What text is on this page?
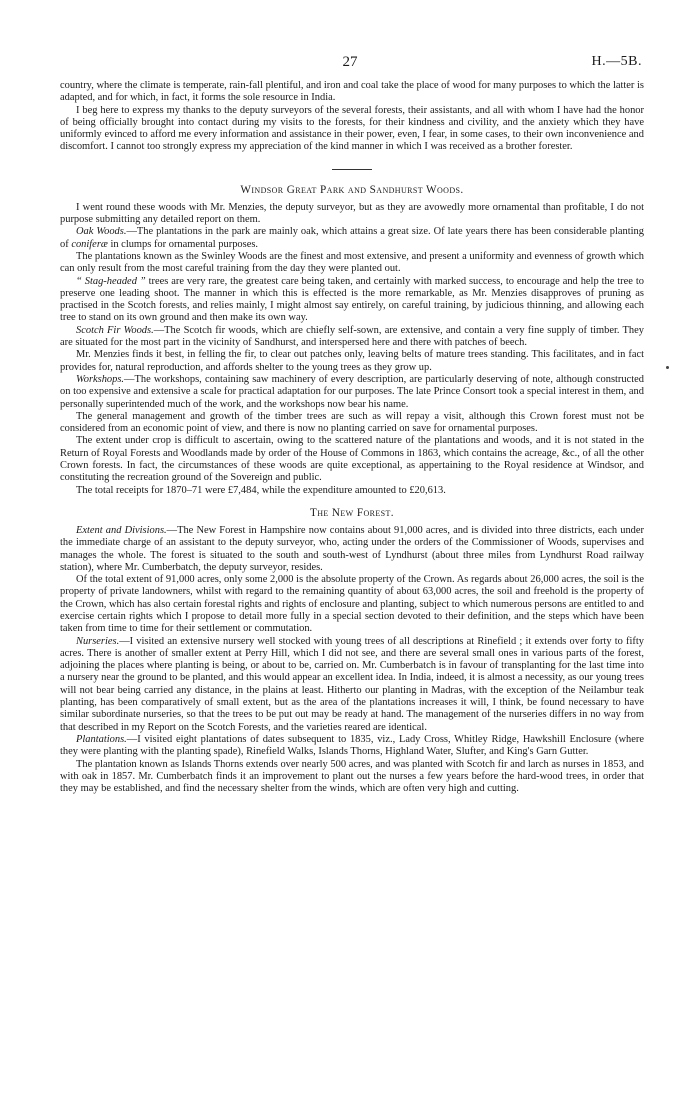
27	H.—5B.

country, where the climate is temperate, rain-fall plentiful, and iron and coal take the place of wood for many purposes to which the latter is adapted, and for which, in fact, it forms the sole resource in India.

I beg here to express my thanks to the deputy surveyors of the several forests, their assistants, and all with whom I have had the honor of being officially brought into contact during my visits to the forests, for their kindness and civility, and the anxiety which they have uniformly evinced to afford me every information and assistance in their power, even, I fear, in some cases, to their own inconvenience and discomfort. I cannot too strongly express my appreciation of the kind manner in which I was received as a brother forester.

Windsor Great Park and Sandhurst Woods.

I went round these woods with Mr. Menzies, the deputy surveyor, but as they are avowedly more ornamental than profitable, I do not purpose submitting any detailed report on them.

Oak Woods.—The plantations in the park are mainly oak, which attains a great size. Of late years there has been considerable planting of coniferæ in clumps for ornamental purposes.

The plantations known as the Swinley Woods are the finest and most extensive, and present a uniformity and evenness of growth which can only result from the most careful training from the day they were planted out.

“ Stag-headed ” trees are very rare, the greatest care being taken, and certainly with marked success, to encourage and help the tree to preserve one leading shoot. The manner in which this is effected is the more remarkable, as Mr. Menzies disapproves of pruning as practised in the Scotch forests, and relies mainly, I might almost say entirely, on careful training, by judicious thinning, and allowing each tree to stand on its own ground and then make its own way.

Scotch Fir Woods.—The Scotch fir woods, which are chiefly self-sown, are extensive, and contain a very fine supply of timber. They are situated for the most part in the vicinity of Sandhurst, and interspersed here and there with patches of beech.

Mr. Menzies finds it best, in felling the fir, to clear out patches only, leaving belts of mature trees standing. This facilitates, and in fact provides for, natural reproduction, and affords shelter to the young trees as they grow up.

Workshops.—The workshops, containing saw machinery of every description, are particularly deserving of note, although constructed on too expensive and extensive a scale for practical adaptation for our purposes. The late Prince Consort took a special interest in them, and personally superintended much of the work, and the workshops now bear his name.

The general management and growth of the timber trees are such as will repay a visit, although this Crown forest must not be considered from an economic point of view, and there is now no planting carried on save for ornamental purposes.

The extent under crop is difficult to ascertain, owing to the scattered nature of the plantations and woods, and it is not stated in the Return of Royal Forests and Woodlands made by order of the House of Commons in 1863, which contains the acreage, &c., of all the other Crown forests. In fact, the circumstances of these woods are quite exceptional, as appertaining to the Royal residence at Windsor, and constituting the recreation ground of the Sovereign and public.

The total receipts for 1870–71 were £7,484, while the expenditure amounted to £20,613.

The New Forest.

Extent and Divisions.—The New Forest in Hampshire now contains about 91,000 acres, and is divided into three districts, each under the immediate charge of an assistant to the deputy surveyor, who, acting under the orders of the Commissioner of Woods, supervises and manages the whole. The forest is situated to the south and south-west of Lyndhurst (about three miles from Lyndhurst Road railway station), where Mr. Cumberbatch, the deputy surveyor, resides.

Of the total extent of 91,000 acres, only some 2,000 is the absolute property of the Crown. As regards about 26,000 acres, the soil is the property of private landowners, whilst with regard to the remaining quantity of about 63,000 acres, the soil and freehold is the property of the Crown, which has also certain forestal rights and rights of enclosure and planting, subject to which numerous persons are entitled to and exercise certain rights which I propose to detail more fully in a special section devoted to their definition, and the steps which have been taken from time to time for their settlement or commutation.

Nurseries.—I visited an extensive nursery well stocked with young trees of all descriptions at Rinefield ; it extends over forty to fifty acres. There is another of smaller extent at Perry Hill, which I did not see, and there are several small ones in various parts of the forest, adjoining the places where planting is being, or about to be, carried on. Mr. Cumberbatch is in favour of transplanting for the last time into a nursery near the ground to be planted, and this would appear an excellent idea. In India, indeed, it is almost a necessity, as our young trees will not bear being carried any distance, in the plains at least. Hitherto our planting in Madras, with the exception of the Neilambur teak planting, has been comparatively of small extent, but as the area of the plantations increases it will, I think, be found necessary to have similar subordinate nurseries, so that the trees to be put out may be ready at hand. The management of the nurseries differs in no way from that described in my Report on the Scotch Forests, and the varieties reared are identical.

Plantations.—I visited eight plantations of dates subsequent to 1835, viz., Lady Cross, Whitley Ridge, Hawkshill Enclosure (where they were planting with the planting spade), Rinefield Walks, Islands Thorns, Highland Water, Slufter, and King's Garn Gutter.

The plantation known as Islands Thorns extends over nearly 500 acres, and was planted with Scotch fir and larch as nurses in 1853, and with oak in 1857. Mr. Cumberbatch finds it an improvement to plant out the nurses a few years before the hard-wood trees, in order that they may be established, and find the necessary shelter from the winds, which are often very high and cutting.
